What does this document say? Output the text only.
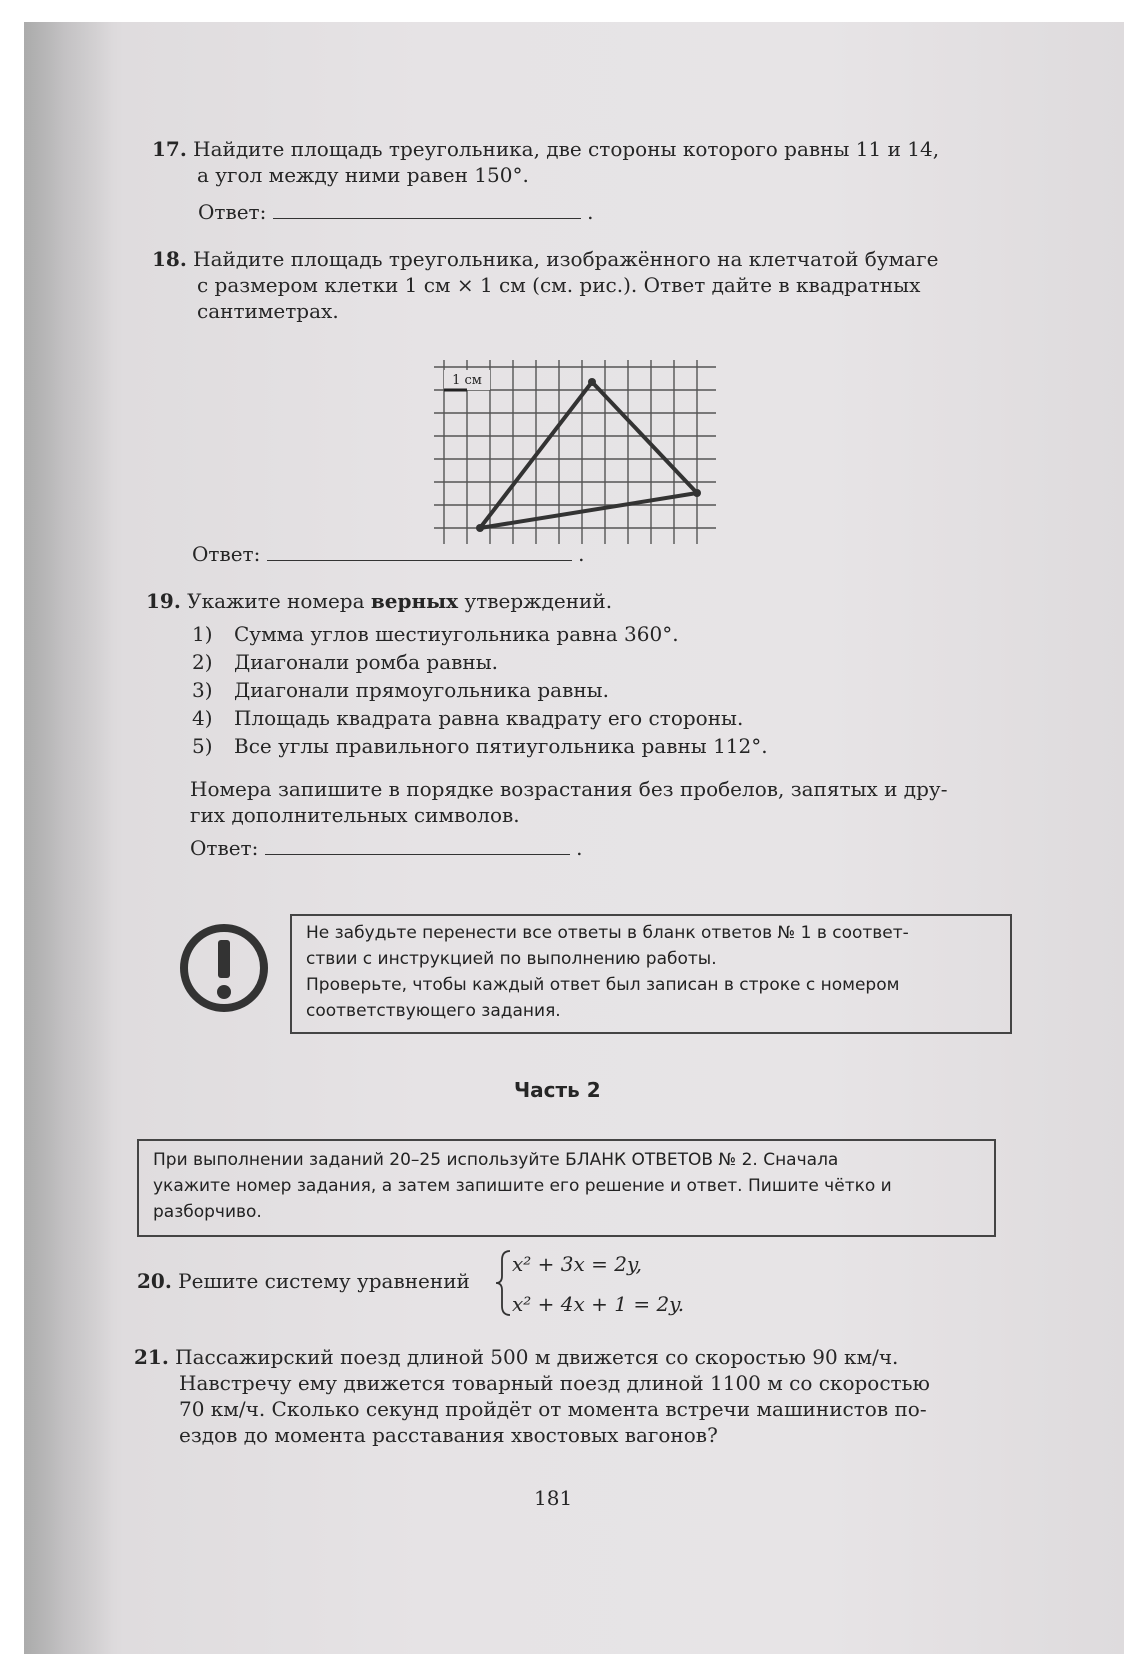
17. Найдите площадь треугольника, две стороны которого равны 11 и 14,
а угол между ними равен 150°.
Ответ:	.
18. Найдите площадь треугольника, изображённого на клетчатой бумаге
с размером клетки 1 см × 1 см (см. рис.). Ответ дайте в квадратных
сантиметрах.
1 см
Ответ:	.
19. Укажите номера верных утверждений.
1) Сумма углов шестиугольника равна 360°.
2) Диагонали ромба равны.
3) Диагонали прямоугольника равны.
4) Площадь квадрата равна квадрату его стороны.
5) Все углы правильного пятиугольника равны 112°.
Номера запишите в порядке возрастания без пробелов, запятых и дру-
гих дополнительных символов.
Ответ:	.
Не забудьте перенести все ответы в бланк ответов № 1 в соответ-
ствии с инструкцией по выполнению работы.
Проверьте, чтобы каждый ответ был записан в строке с номером
соответствующего задания.
Часть 2
При выполнении заданий 20–25 используйте БЛАНК ОТВЕТОВ № 2. Сначала
укажите номер задания, а затем запишите его решение и ответ. Пишите чётко и
разборчиво.
20. Решите систему уравнений
x² + 3x = 2y,
x² + 4x + 1 = 2y.
21. Пассажирский поезд длиной 500 м движется со скоростью 90 км/ч.
Навстречу ему движется товарный поезд длиной 1100 м со скоростью
70 км/ч. Сколько секунд пройдёт от момента встречи машинистов по-
ездов до момента расставания хвостовых вагонов?
181
